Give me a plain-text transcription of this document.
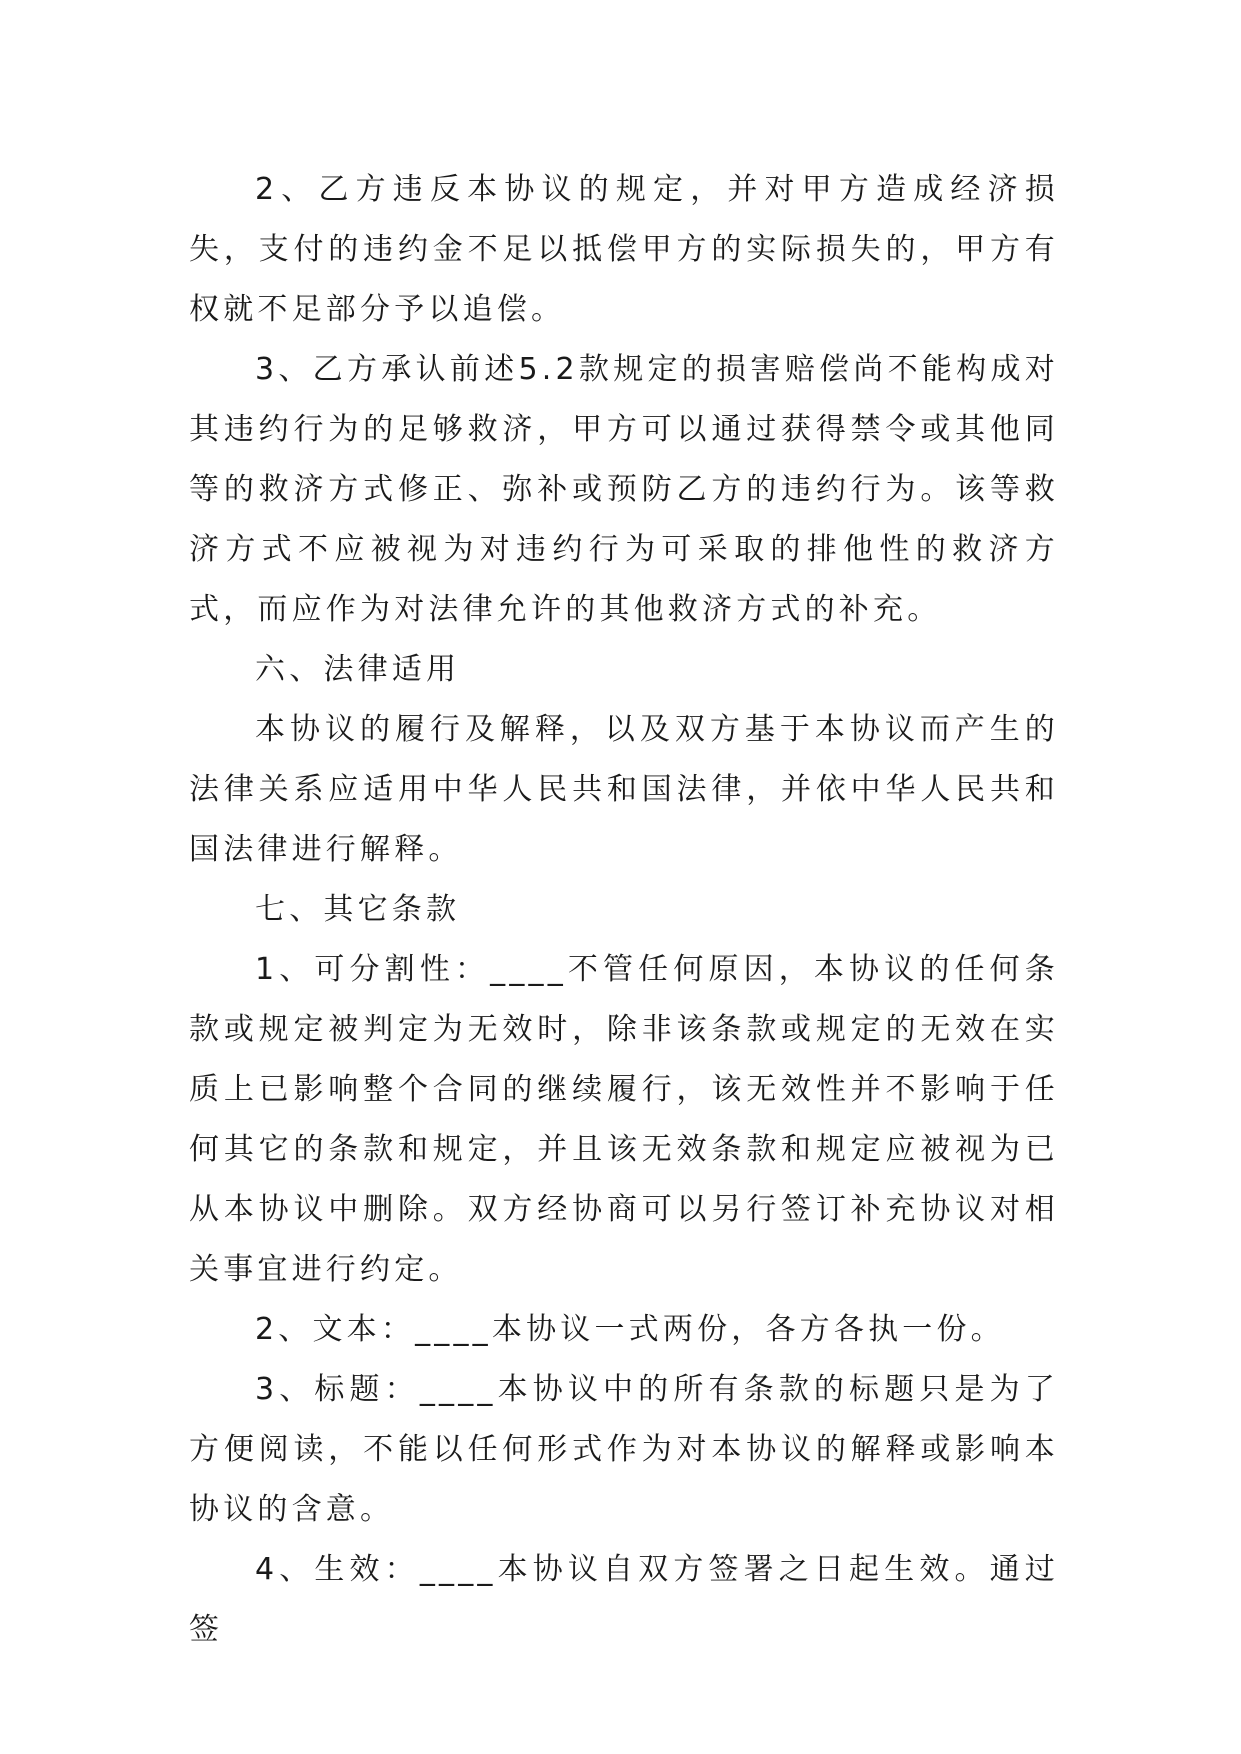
2、乙方违反本协议的规定，并对甲方造成经济损失，支付的违约金不足以抵偿甲方的实际损失的，甲方有权就不足部分予以追偿。

3、乙方承认前述5.2款规定的损害赔偿尚不能构成对其违约行为的足够救济，甲方可以通过获得禁令或其他同等的救济方式修正、弥补或预防乙方的违约行为。该等救济方式不应被视为对违约行为可采取的排他性的救济方式，而应作为对法律允许的其他救济方式的补充。

六、法律适用

本协议的履行及解释，以及双方基于本协议而产生的法律关系应适用中华人民共和国法律，并依中华人民共和国法律进行解释。

七、其它条款

1、可分割性：____不管任何原因，本协议的任何条款或规定被判定为无效时，除非该条款或规定的无效在实质上已影响整个合同的继续履行，该无效性并不影响于任何其它的条款和规定，并且该无效条款和规定应被视为已从本协议中删除。双方经协商可以另行签订补充协议对相关事宜进行约定。

2、文本：____本协议一式两份，各方各执一份。

3、标题：____本协议中的所有条款的标题只是为了方便阅读，不能以任何形式作为对本协议的解释或影响本协议的含意。

4、生效：____本协议自双方签署之日起生效。通过签
